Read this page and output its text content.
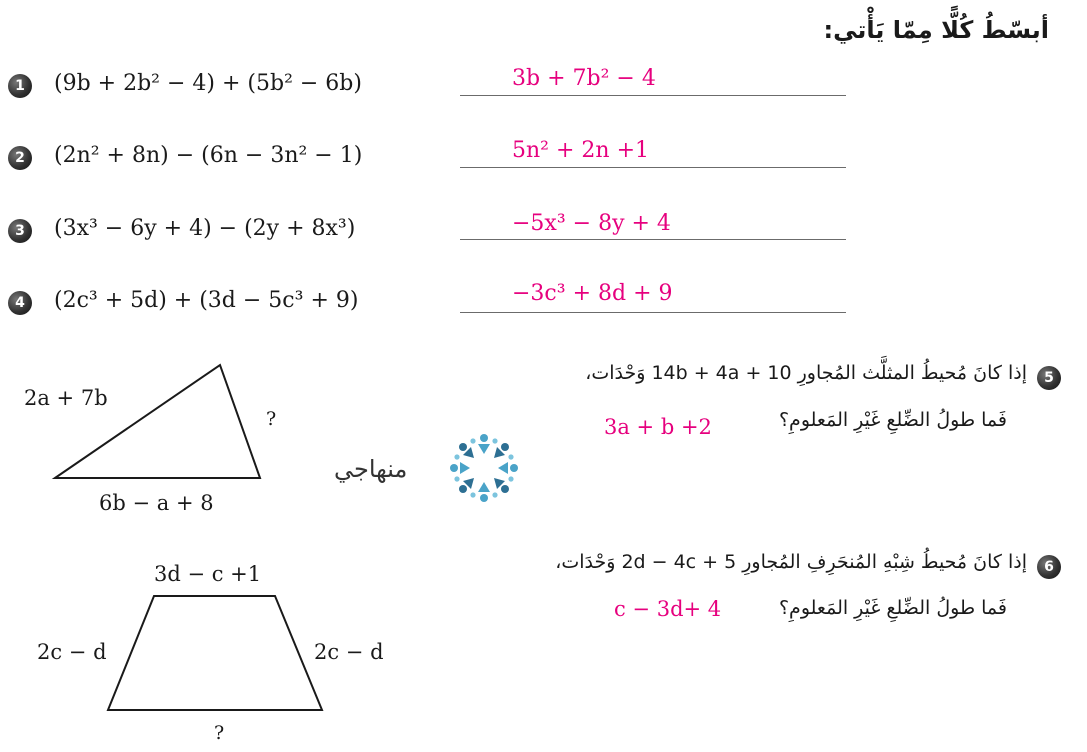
أبسّطُ كُلًّا مِمّا يَأْتي:
1	(9b + 2b² − 4) + (5b² − 6b)	3b + 7b² − 4
2	(2n² + 8n) − (6n − 3n² − 1)	5n² + 2n +1
3	(3x³ − 6y + 4) − (2y + 8x³)	−5x³ − 8y + 4
4	(2c³ + 5d) + (3d − 5c³ + 9)	−3c³ + 8d + 9
5
إذا كانَ مُحيطُ المثلَّث المُجاورِ 10 + 14b + 4a وَحْدَات،
فَما طولُ الضِّلعِ غَيْرِ المَعلومِ؟
3a + b +2
2a + 7b
6b − a + 8
?
منهاجي
6
إذا كانَ مُحيطُ شِبْهِ المُنحَرِفِ المُجاورِ 5 + 2d − 4c وَحْدَات،
فَما طولُ الضِّلعِ غَيْرِ المَعلومِ؟
c − 3d+ 4
3d − c +1
2c − d	2c − d
?
